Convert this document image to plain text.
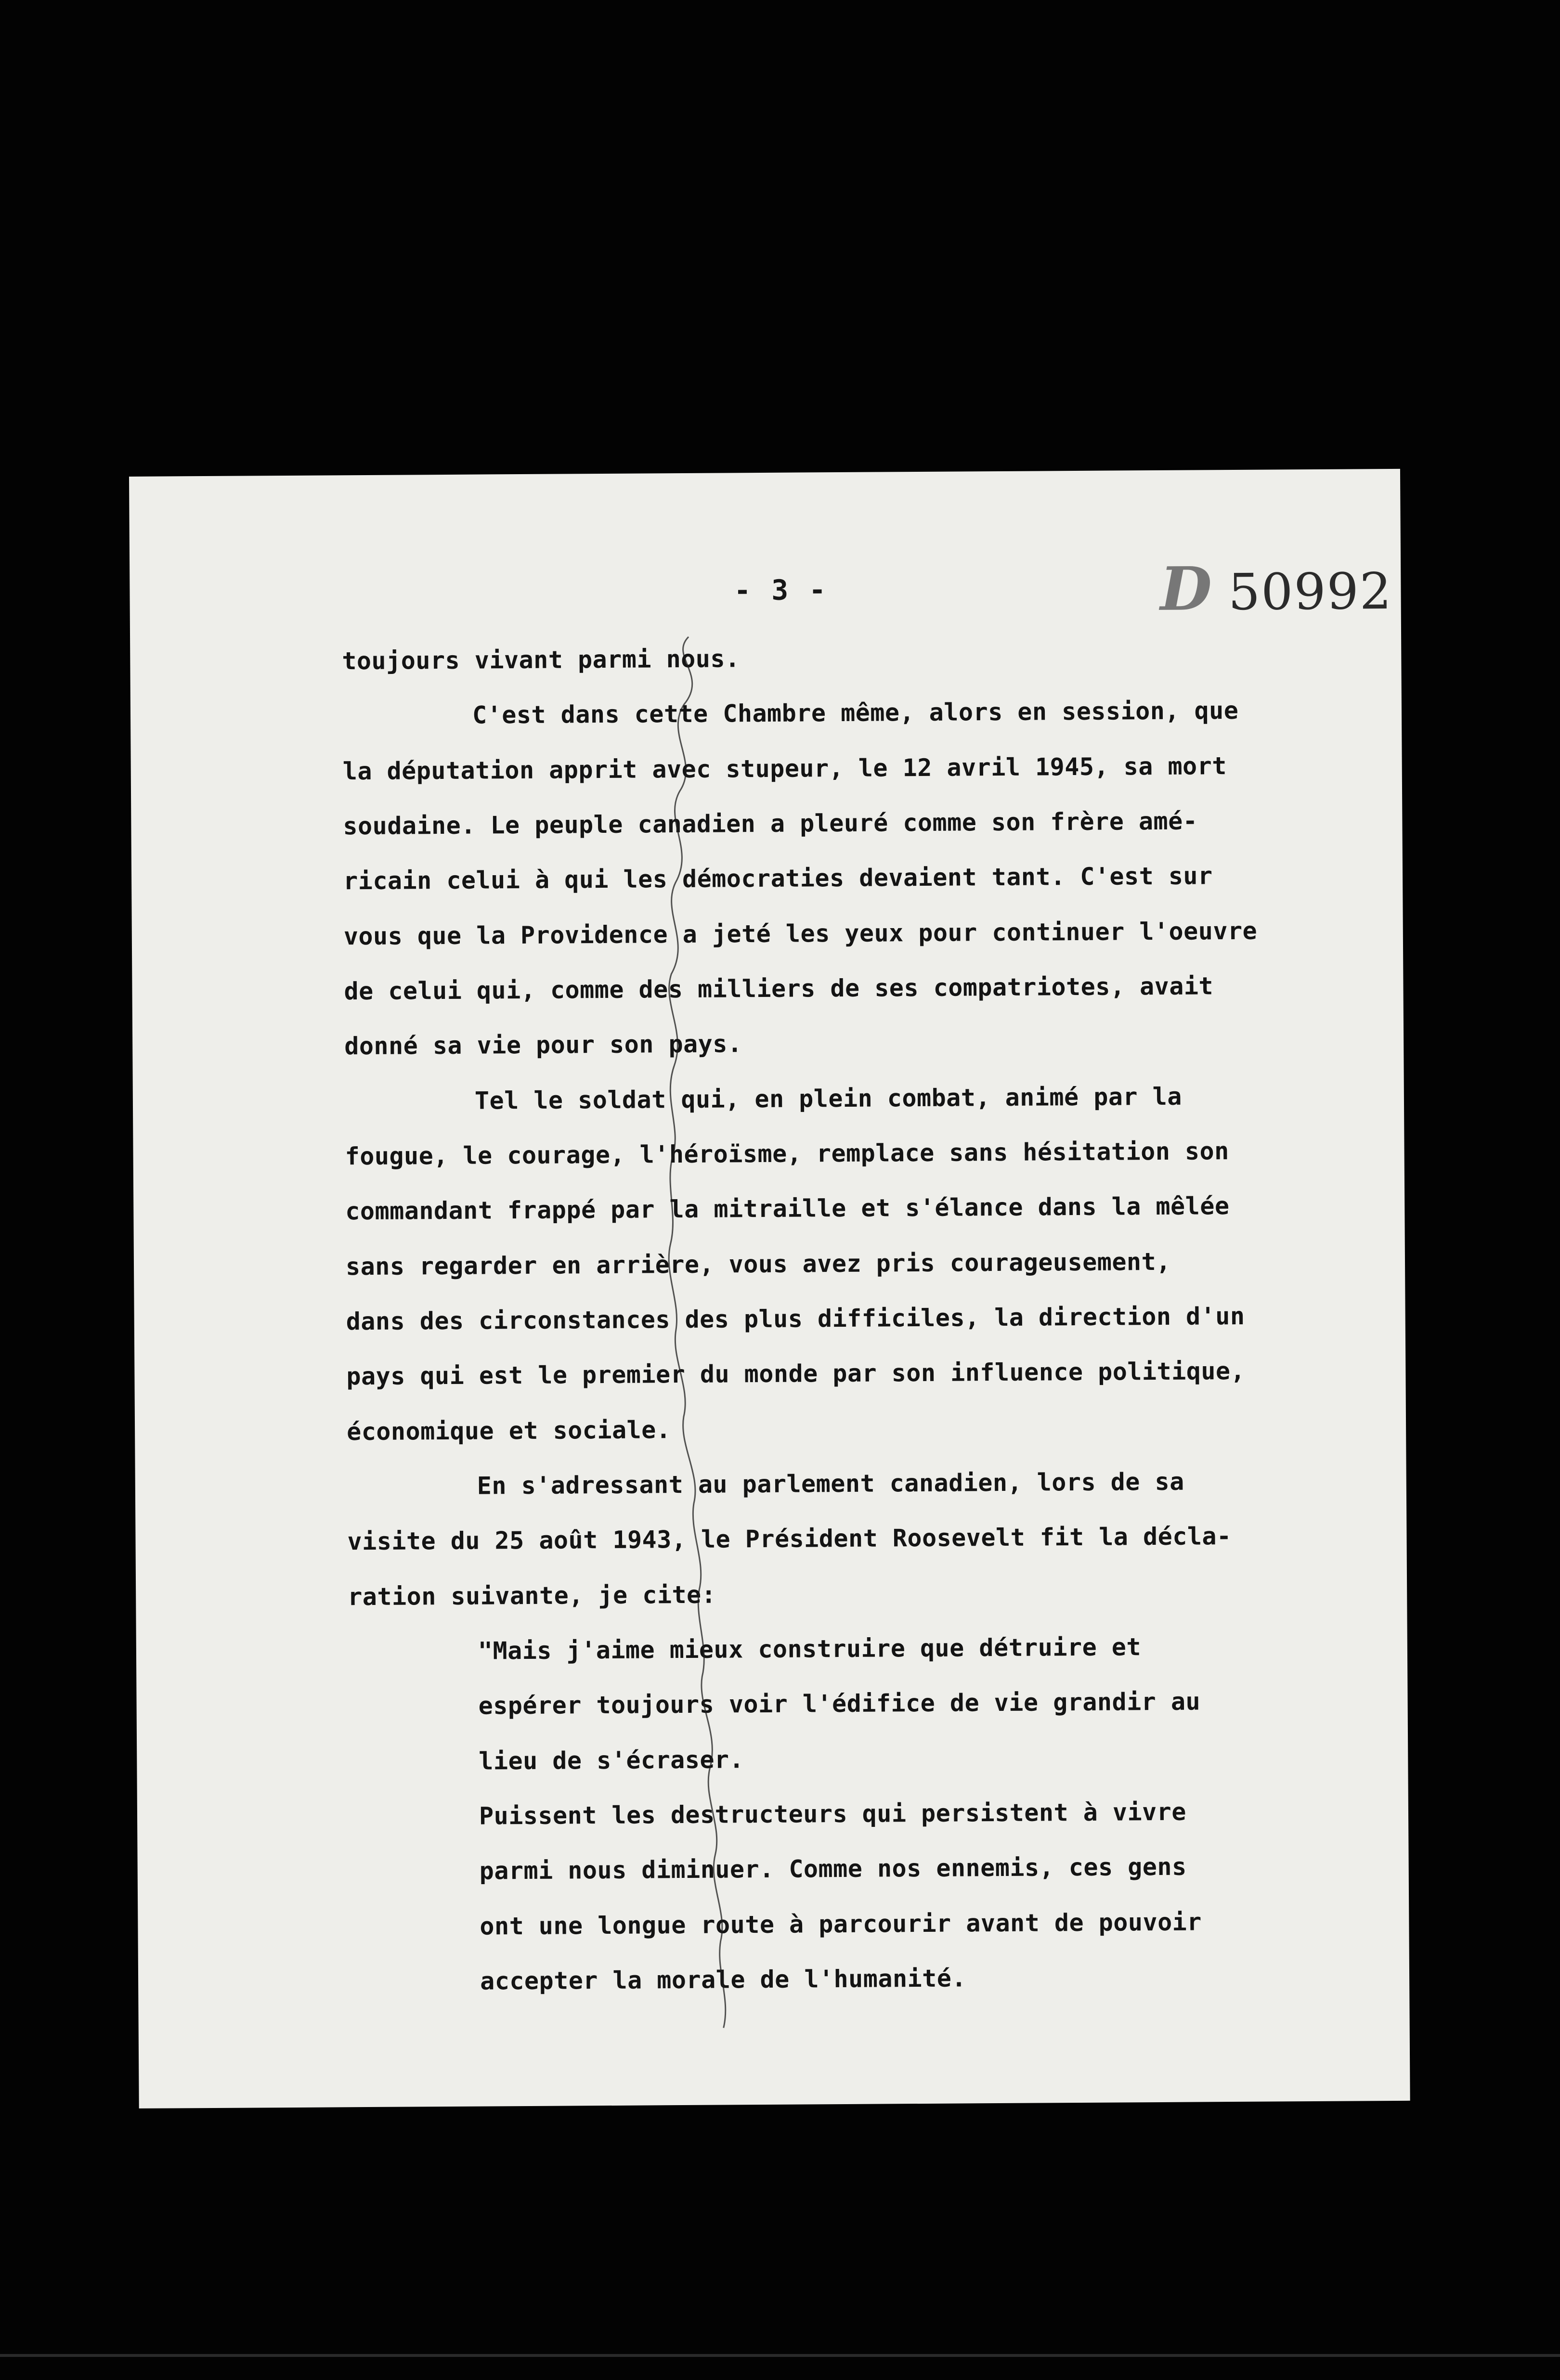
- 3 -	D 50992
toujours vivant parmi nous.
C'est dans cette Chambre même, alors en session, que
la députation apprit avec stupeur, le 12 avril 1945, sa mort
soudaine. Le peuple canadien a pleuré comme son frère amé-
ricain celui à qui les démocraties devaient tant. C'est sur
vous que la Providence a jeté les yeux pour continuer l'oeuvre
de celui qui, comme des milliers de ses compatriotes, avait
donné sa vie pour son pays.
Tel le soldat qui, en plein combat, animé par la
fougue, le courage, l'héroïsme, remplace sans hésitation son
commandant frappé par la mitraille et s'élance dans la mêlée
sans regarder en arrière, vous avez pris courageusement,
dans des circonstances des plus difficiles, la direction d'un
pays qui est le premier du monde par son influence politique,
économique et sociale.
En s'adressant au parlement canadien, lors de sa
visite du 25 août 1943, le Président Roosevelt fit la décla-
ration suivante, je cite:
"Mais j'aime mieux construire que détruire et
espérer toujours voir l'édifice de vie grandir au
lieu de s'écraser.
Puissent les destructeurs qui persistent à vivre
parmi nous diminuer. Comme nos ennemis, ces gens
ont une longue route à parcourir avant de pouvoir
accepter la morale de l'humanité.
